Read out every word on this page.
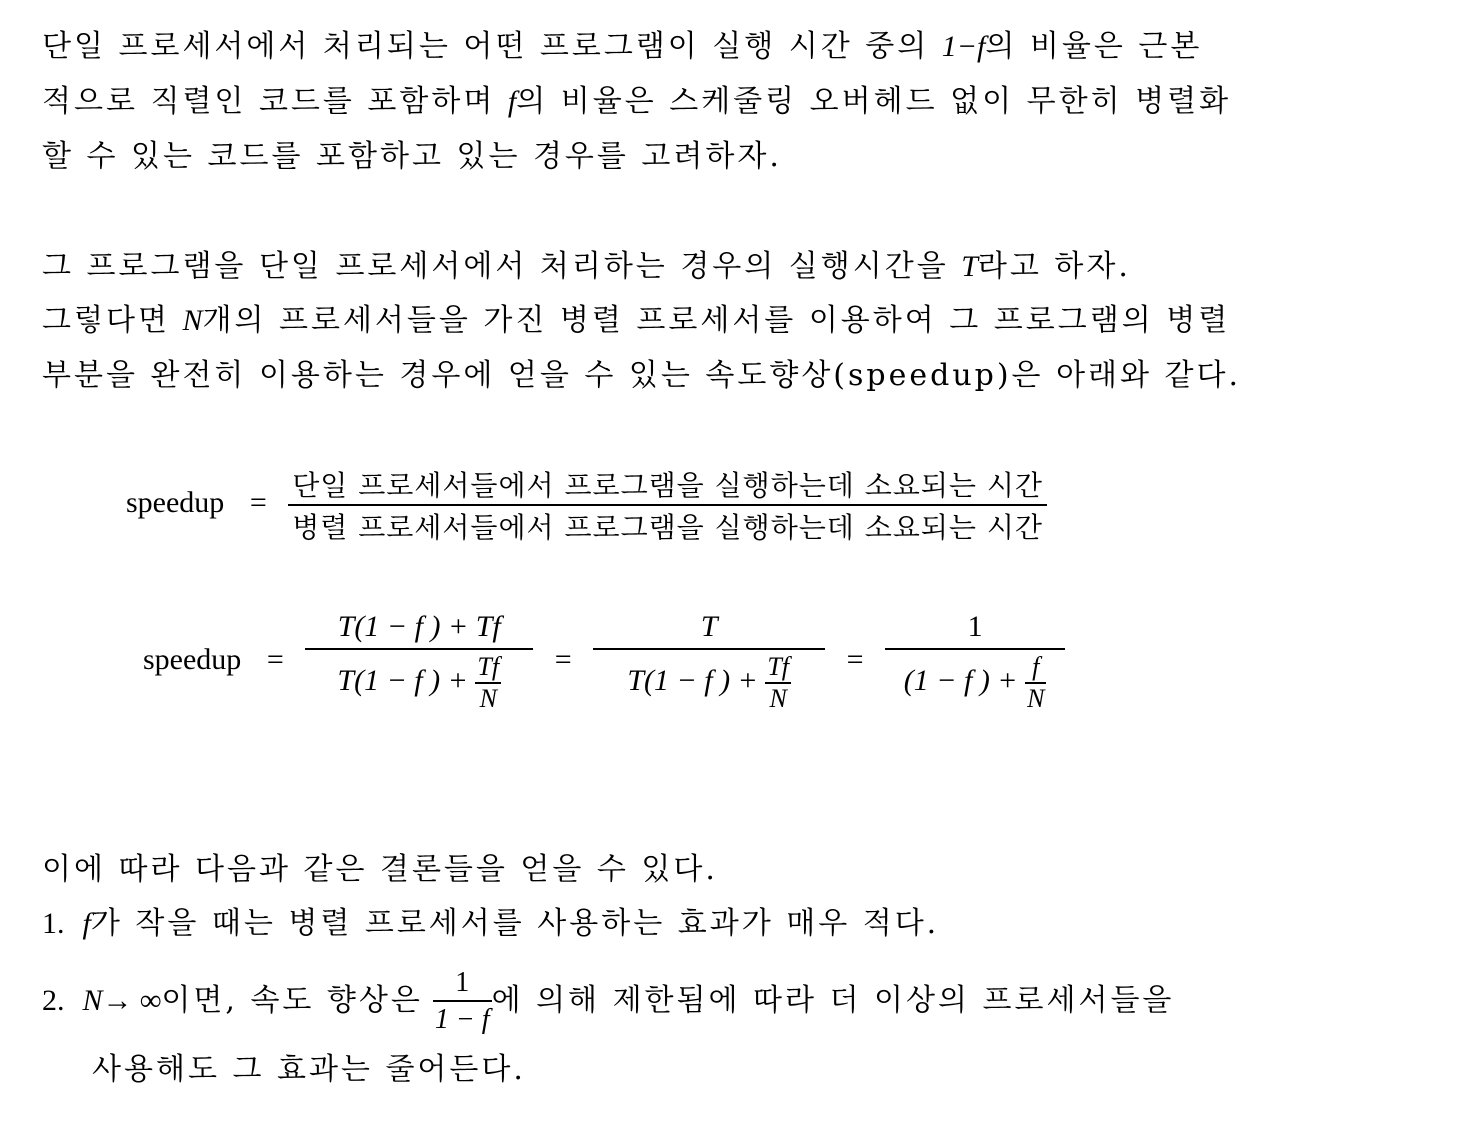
단일 프로세서에서 처리되는 어떤 프로그램이 실행 시간 중의 1−f의 비율은 근본
적으로 직렬인 코드를 포함하며 f의 비율은 스케줄링 오버헤드 없이 무한히 병렬화
할 수 있는 코드를 포함하고 있는 경우를 고려하자.
그 프로그램을 단일 프로세서에서 처리하는 경우의 실행시간을 T라고 하자.
그렇다면 N개의 프로세서들을 가진 병렬 프로세서를 이용하여 그 프로그램의 병렬
부분을 완전히 이용하는 경우에 얻을 수 있는 속도향상(speedup)은 아래와 같다.
speedup = $\frac{\text{단일 프로세서들에서 프로그램을 실행하는데 소요되는 시간}}{\text{병렬 프로세서들에서 프로그램을 실행하는데 소요되는 시간}}$
speedup = $\frac{T(1 - f ) + Tf}{T(1 - f ) + \frac{Tf}{N}} = \frac{T}{T(1 - f ) + \frac{Tf}{N}} = \frac{1}{(1 - f ) + \frac{f}{N}}$
이에 따라 다음과 같은 결론들을 얻을 수 있다.
1. f가 작을 때는 병렬 프로세서를 사용하는 효과가 매우 적다.
2. N→ ∞이면, 속도 향상은 $\frac{1}{1 - f}$ 에 의해 제한됨에 따라 더 이상의 프로세서들을
사용해도 그 효과는 줄어든다.
